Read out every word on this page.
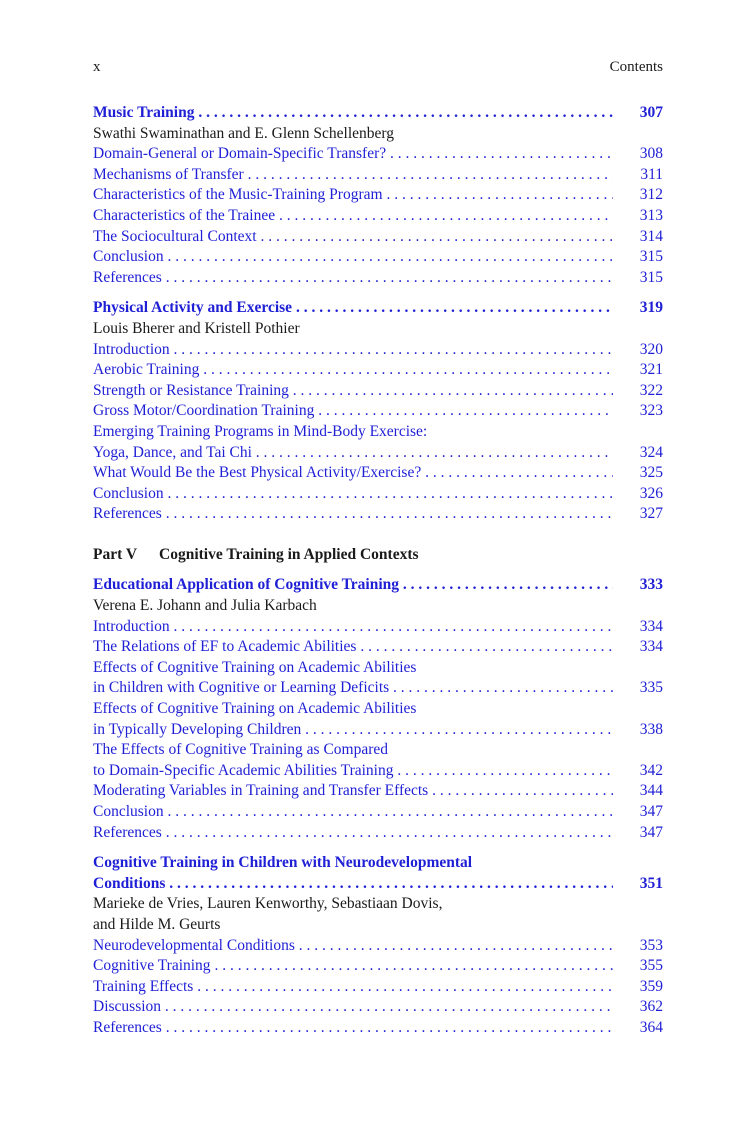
x	Contents
Music Training . . .	307
Swathi Swaminathan and E. Glenn Schellenberg
Domain-General or Domain-Specific Transfer? . . .	308
Mechanisms of Transfer . . .	311
Characteristics of the Music-Training Program . . .	312
Characteristics of the Trainee . . .	313
The Sociocultural Context . . .	314
Conclusion . . .	315
References . . .	315
Physical Activity and Exercise . . .	319
Louis Bherer and Kristell Pothier
Introduction . . .	320
Aerobic Training . . .	321
Strength or Resistance Training . . .	322
Gross Motor/Coordination Training . . .	323
Emerging Training Programs in Mind-Body Exercise:
Yoga, Dance, and Tai Chi . . .	324
What Would Be the Best Physical Activity/Exercise? . . .	325
Conclusion . . .	326
References . . .	327
Part V Cognitive Training in Applied Contexts
Educational Application of Cognitive Training . . .	333
Verena E. Johann and Julia Karbach
Introduction . . .	334
The Relations of EF to Academic Abilities . . .	334
Effects of Cognitive Training on Academic Abilities
in Children with Cognitive or Learning Deficits . . .	335
Effects of Cognitive Training on Academic Abilities
in Typically Developing Children . . .	338
The Effects of Cognitive Training as Compared
to Domain-Specific Academic Abilities Training . . .	342
Moderating Variables in Training and Transfer Effects . . .	344
Conclusion . . .	347
References . . .	347
Cognitive Training in Children with Neurodevelopmental
Conditions . . .	351
Marieke de Vries, Lauren Kenworthy, Sebastiaan Dovis,
and Hilde M. Geurts
Neurodevelopmental Conditions . . .	353
Cognitive Training . . .	355
Training Effects . . .	359
Discussion . . .	362
References . . .	364
